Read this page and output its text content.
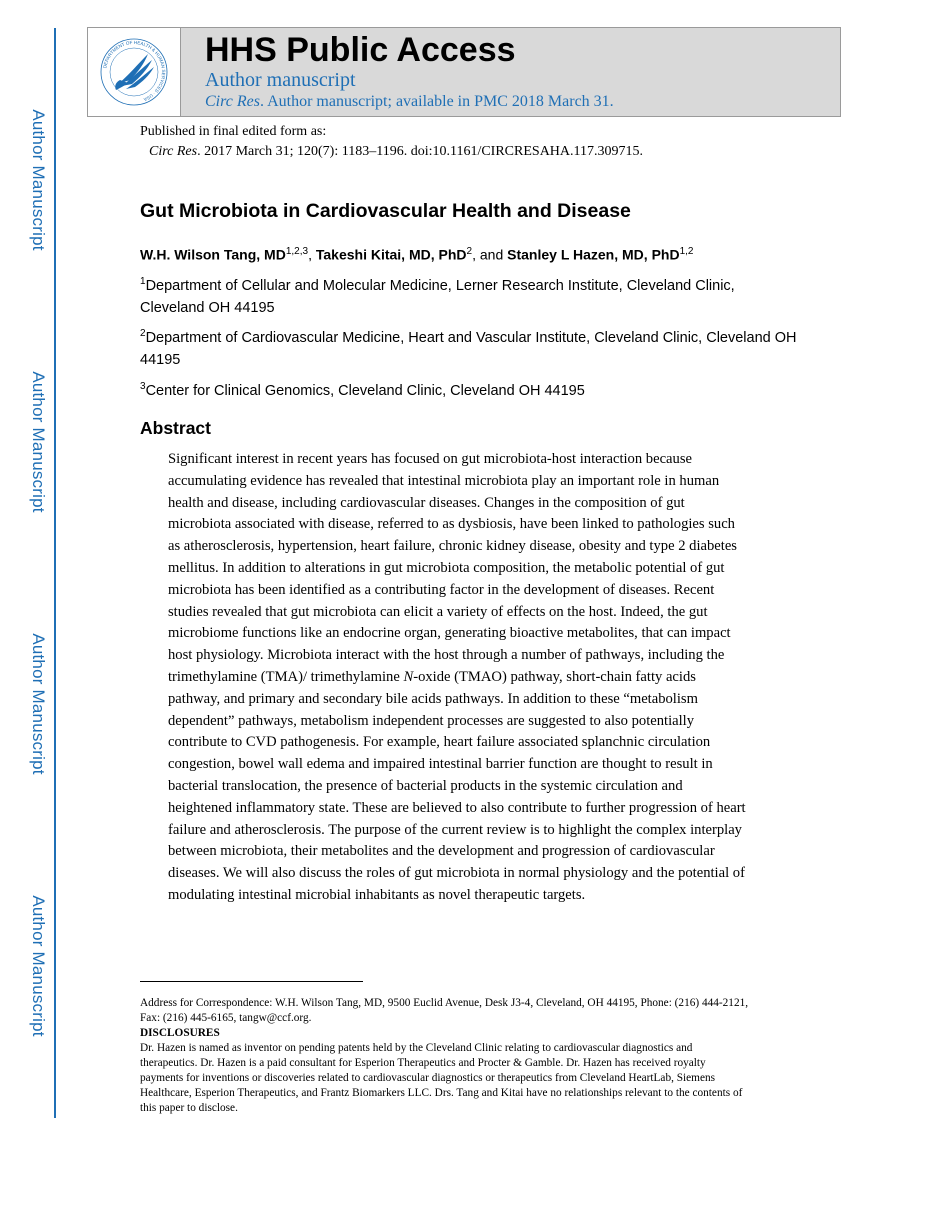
Author Manuscript
Author Manuscript
Author Manuscript
Author Manuscript
DEPARTMENT OF HEALTH & HUMAN SERVICES · USA
HHS Public Access
Author manuscript
Circ Res. Author manuscript; available in PMC 2018 March 31.
Published in final edited form as:
Circ Res. 2017 March 31; 120(7): 1183–1196. doi:10.1161/CIRCRESAHA.117.309715.
Gut Microbiota in Cardiovascular Health and Disease
W.H. Wilson Tang, MD$^{1,2,3}$, Takeshi Kitai, MD, PhD$^2$, and Stanley L Hazen, MD, PhD$^{1,2}$
$^1$Department of Cellular and Molecular Medicine, Lerner Research Institute, Cleveland Clinic, Cleveland OH 44195
$^2$Department of Cardiovascular Medicine, Heart and Vascular Institute, Cleveland Clinic, Cleveland OH 44195
$^3$Center for Clinical Genomics, Cleveland Clinic, Cleveland OH 44195
Abstract
Significant interest in recent years has focused on gut microbiota-host interaction because
accumulating evidence has revealed that intestinal microbiota play an important role in human
health and disease, including cardiovascular diseases. Changes in the composition of gut
microbiota associated with disease, referred to as dysbiosis, have been linked to pathologies such
as atherosclerosis, hypertension, heart failure, chronic kidney disease, obesity and type 2 diabetes
mellitus. In addition to alterations in gut microbiota composition, the metabolic potential of gut
microbiota has been identified as a contributing factor in the development of diseases. Recent
studies revealed that gut microbiota can elicit a variety of effects on the host. Indeed, the gut
microbiome functions like an endocrine organ, generating bioactive metabolites, that can impact
host physiology. Microbiota interact with the host through a number of pathways, including the
trimethylamine (TMA)/ trimethylamine N-oxide (TMAO) pathway, short-chain fatty acids
pathway, and primary and secondary bile acids pathways. In addition to these “metabolism
dependent” pathways, metabolism independent processes are suggested to also potentially
contribute to CVD pathogenesis. For example, heart failure associated splanchnic circulation
congestion, bowel wall edema and impaired intestinal barrier function are thought to result in
bacterial translocation, the presence of bacterial products in the systemic circulation and
heightened inflammatory state. These are believed to also contribute to further progression of heart
failure and atherosclerosis. The purpose of the current review is to highlight the complex interplay
between microbiota, their metabolites and the development and progression of cardiovascular
diseases. We will also discuss the roles of gut microbiota in normal physiology and the potential of
modulating intestinal microbial inhabitants as novel therapeutic targets.
Address for Correspondence: W.H. Wilson Tang, MD, 9500 Euclid Avenue, Desk J3-4, Cleveland, OH 44195, Phone: (216) 444-2121,
Fax: (216) 445-6165, tangw@ccf.org.
DISCLOSURES
Dr. Hazen is named as inventor on pending patents held by the Cleveland Clinic relating to cardiovascular diagnostics and
therapeutics. Dr. Hazen is a paid consultant for Esperion Therapeutics and Procter & Gamble. Dr. Hazen has received royalty
payments for inventions or discoveries related to cardiovascular diagnostics or therapeutics from Cleveland HeartLab, Siemens
Healthcare, Esperion Therapeutics, and Frantz Biomarkers LLC. Drs. Tang and Kitai have no relationships relevant to the contents of
this paper to disclose.
